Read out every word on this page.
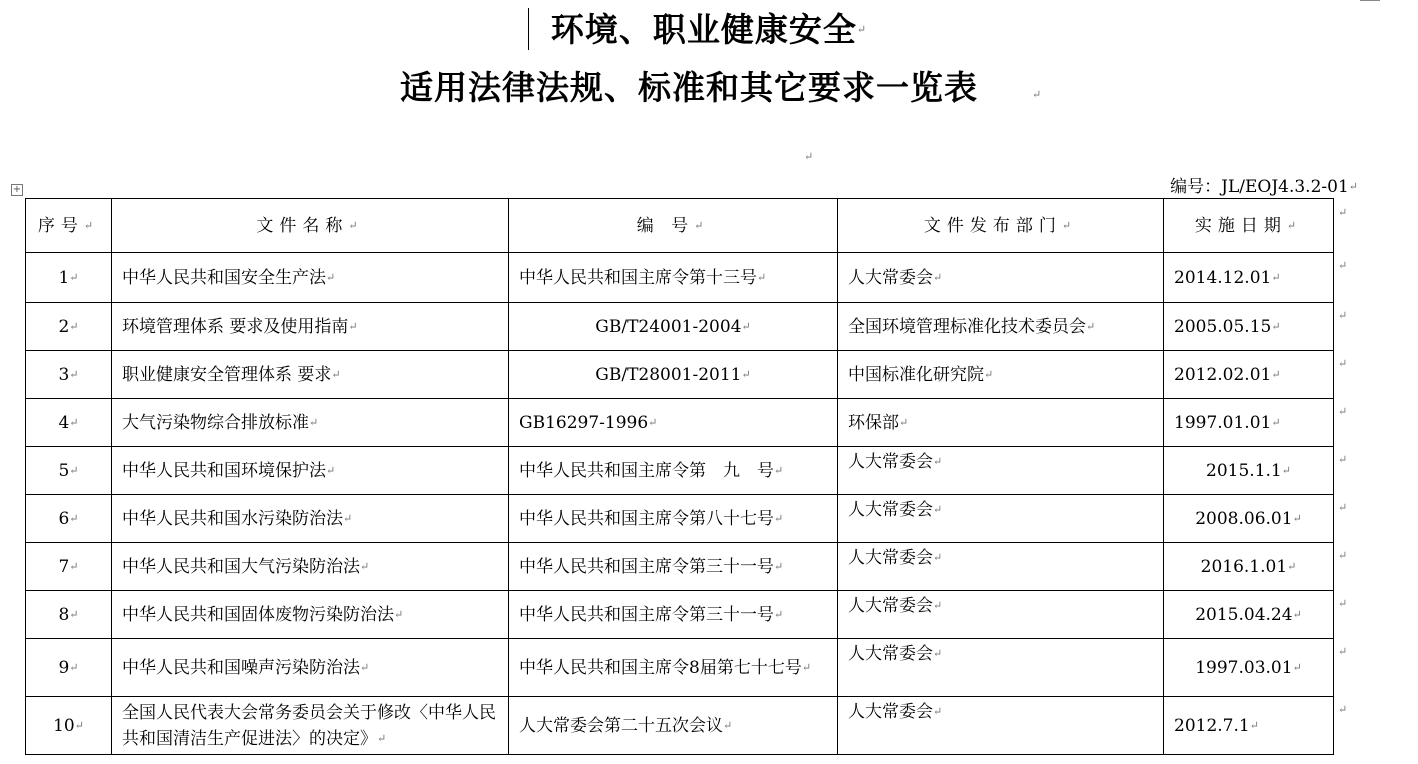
环境、职业健康安全↵
适用法律法规、标准和其它要求一览表	↵
↵
编号：JL/EOJ4.3.2-01↵
+
序号↵	文件名称↵	编 号↵	文件发布部门↵	实施日期↵
1↵	中华人民共和国安全生产法↵	中华人民共和国主席令第十三号↵	人大常委会↵	2014.12.01↵
2↵	环境管理体系 要求及使用指南↵	GB/T24001-2004↵	全国环境管理标准化技术委员会↵	2005.05.15↵
3↵	职业健康安全管理体系 要求↵	GB/T28001-2011↵	中国标准化研究院↵	2012.02.01↵
4↵	大气污染物综合排放标准↵	GB16297-1996↵	环保部↵	1997.01.01↵
5↵	中华人民共和国环境保护法↵	中华人民共和国主席令第　九　号↵	人大常委会↵	2015.1.1↵
6↵	中华人民共和国水污染防治法↵	中华人民共和国主席令第八十七号↵	人大常委会↵	2008.06.01↵
7↵	中华人民共和国大气污染防治法↵	中华人民共和国主席令第三十一号↵	人大常委会↵	2016.1.01↵
8↵	中华人民共和国固体废物污染防治法↵	中华人民共和国主席令第三十一号↵	人大常委会↵	2015.04.24↵
9↵	中华人民共和国噪声污染防治法↵	中华人民共和国主席令8届第七十七号↵	人大常委会↵	1997.03.01↵
10↵	全国人民代表大会常务委员会关于修改〈中华人民共和国清洁生产促进法〉的决定》↵	人大常委会第二十五次会议↵	人大常委会↵	2012.7.1↵
↵
↵
↵
↵
↵
↵
↵
↵
↵
↵
↵
